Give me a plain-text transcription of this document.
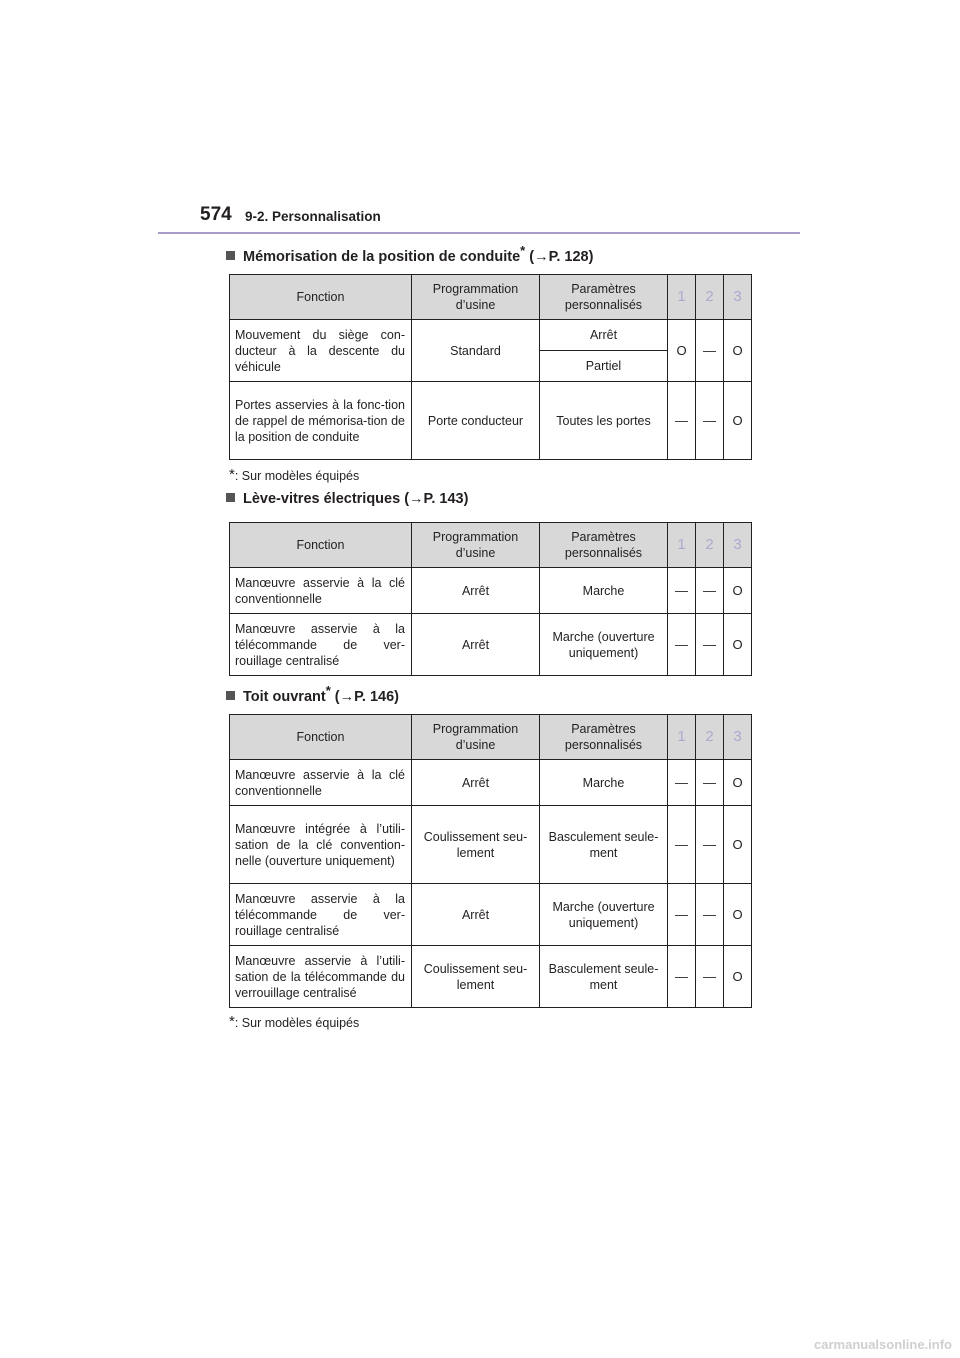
574 9-2. Personnalisation
Mémorisation de la position de conduite* (→P. 128)
Fonction	Programmation d’usine	Paramètres personnalisés	1	2	3
Mouvement du siège con-ducteur à la descente du véhicule	Standard	Arrêt	O	—	O
		Partiel			
Portes asservies à la fonc-tion de rappel de mémorisa-tion de la position de conduite	Porte conducteur	Toutes les portes	—	—	O
*: Sur modèles équipés
Lève-vitres électriques (→P. 143)
Fonction	Programmation d’usine	Paramètres personnalisés	1	2	3
Manœuvre asservie à la clé conventionnelle	Arrêt	Marche	—	—	O
Manœuvre asservie à la télécommande de ver-rouillage centralisé	Arrêt	Marche (ouverture uniquement)	—	—	O
Toit ouvrant* (→P. 146)
Fonction	Programmation d’usine	Paramètres personnalisés	1	2	3
Manœuvre asservie à la clé conventionnelle	Arrêt	Marche	—	—	O
Manœuvre intégrée à l’utili-sation de la clé convention-nelle (ouverture uniquement)	Coulissement seu-lement	Basculement seule-ment	—	—	O
Manœuvre asservie à la télécommande de ver-rouillage centralisé	Arrêt	Marche (ouverture uniquement)	—	—	O
Manœuvre asservie à l’utili-sation de la télécommande du verrouillage centralisé	Coulissement seu-lement	Basculement seule-ment	—	—	O
*: Sur modèles équipés
carmanualsonline.info
